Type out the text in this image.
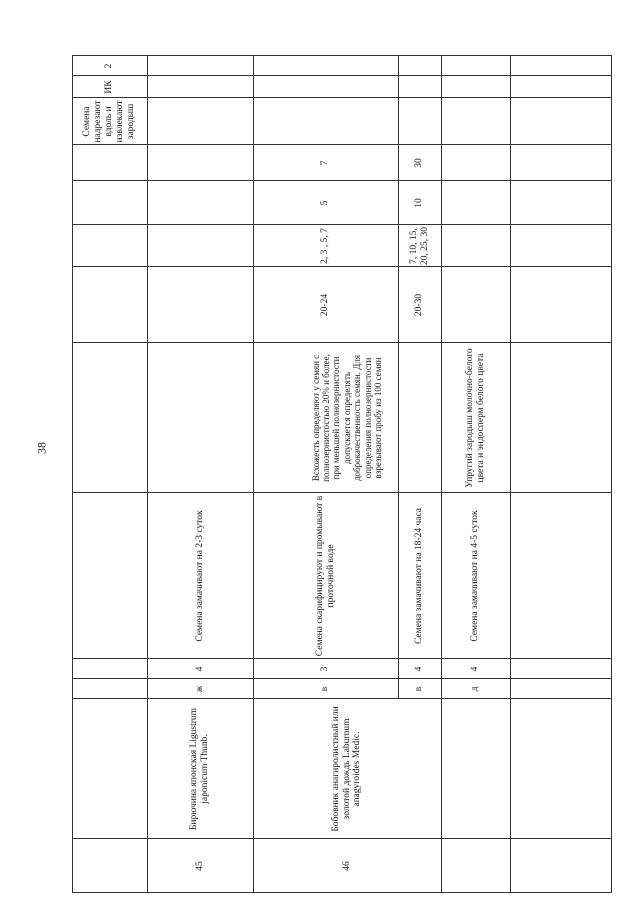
38
Семена надрезают вдоль и извлекают зародыш
ИК
2
45
Бирючина японская Ligustrum japonicum Thunb.
ж
4
Семена замачивают на 2-3 суток
46
Бобовник анагиролистный или золотой дождь Laburnum anagyroides Medic.
в
3
Семена скарифицируют и промывают в проточной воде
20-24
2, 3 , 5, 7
5
7
в
4
Семена замачивают на 18-24 часа
Всхожесть определяют у семян с полнозернистостью 20% и более, при меньшей полнозернистости допускается определять доброкачественность семян. Для определения полнозернистости взрезывают пробу из 100 семян
20-30
7, 10, 15, 20, 25, 30
10
30
д
4
Семена замачивают на 4-5 суток
Упругий зародыш молочно-белого цвета и эндосперм белого цвета
